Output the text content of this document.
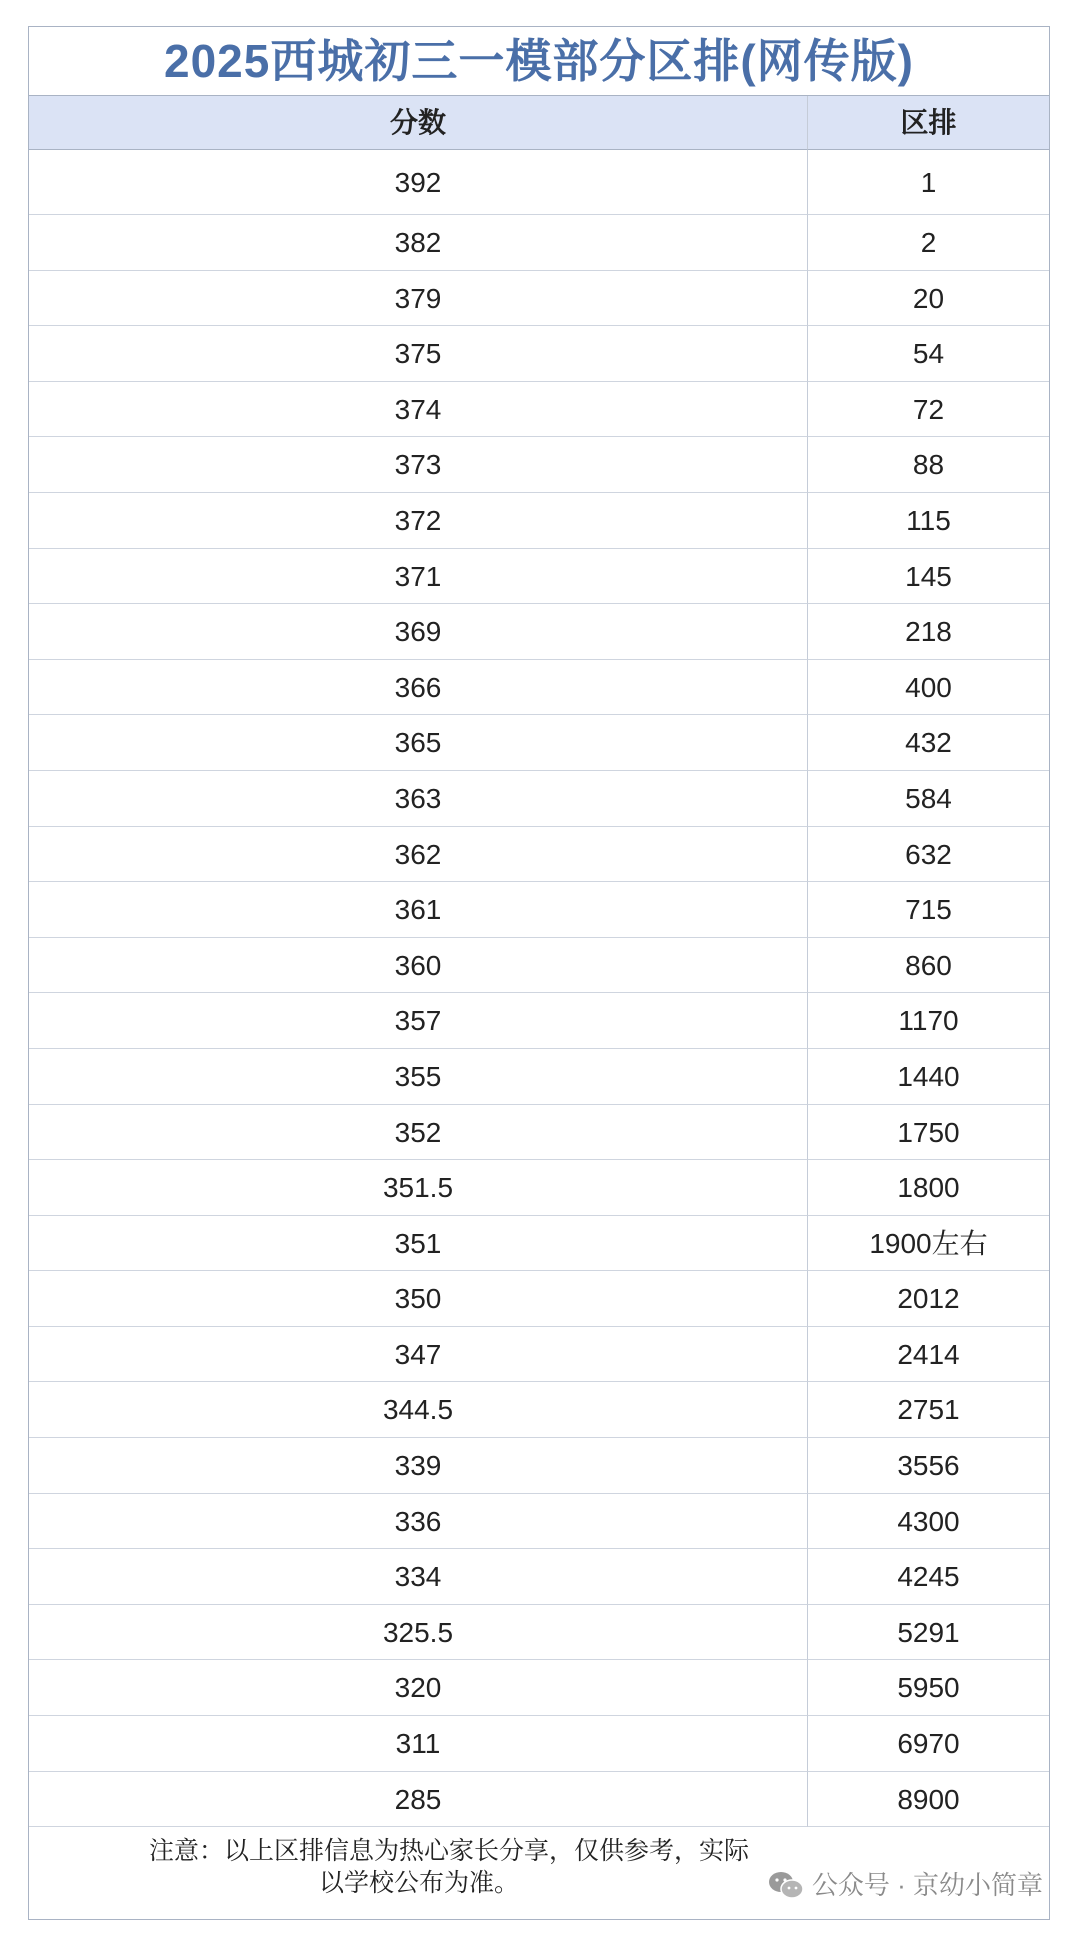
2025西城初三一模部分区排(网传版)
分数	区排
392	1
382	2
379	20
375	54
374	72
373	88
372	115
371	145
369	218
366	400
365	432
363	584
362	632
361	715
360	860
357	1170
355	1440
352	1750
351.5	1800
351	1900左右
350	2012
347	2414
344.5	2751
339	3556
336	4300
334	4245
325.5	5291
320	5950
311	6970
285	8900
注意：以上区排信息为热心家长分享，仅供参考，实际
以学校公布为准。	公众号 · 京幼小简章
